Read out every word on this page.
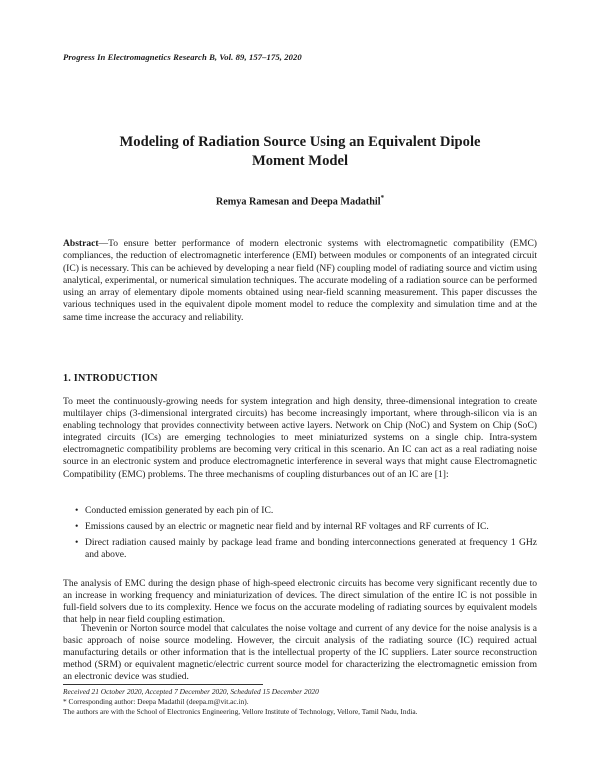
Progress In Electromagnetics Research B, Vol. 89, 157–175, 2020
Modeling of Radiation Source Using an Equivalent Dipole
Moment Model
Remya Ramesan and Deepa Madathil*
Abstract—To ensure better performance of modern electronic systems with electromagnetic compatibility (EMC) compliances, the reduction of electromagnetic interference (EMI) between modules or components of an integrated circuit (IC) is necessary. This can be achieved by developing a near field (NF) coupling model of radiating source and victim using analytical, experimental, or numerical simulation techniques. The accurate modeling of a radiation source can be performed using an array of elementary dipole moments obtained using near-field scanning measurement. This paper discusses the various techniques used in the equivalent dipole moment model to reduce the complexity and simulation time and at the same time increase the accuracy and reliability.
1. INTRODUCTION
To meet the continuously-growing needs for system integration and high density, three-dimensional integration to create multilayer chips (3-dimensional intergrated circuits) has become increasingly important, where through-silicon via is an enabling technology that provides connectivity between active layers. Network on Chip (NoC) and System on Chip (SoC) integrated circuits (ICs) are emerging technologies to meet miniaturized systems on a single chip. Intra-system electromagnetic compatibility problems are becoming very critical in this scenario. An IC can act as a real radiating noise source in an electronic system and produce electromagnetic interference in several ways that might cause Electromagnetic Compatibility (EMC) problems. The three mechanisms of coupling disturbances out of an IC are [1]:
• Conducted emission generated by each pin of IC.
• Emissions caused by an electric or magnetic near field and by internal RF voltages and RF currents of IC.
• Direct radiation caused mainly by package lead frame and bonding interconnections generated at frequency 1 GHz and above.
The analysis of EMC during the design phase of high-speed electronic circuits has become very significant recently due to an increase in working frequency and miniaturization of devices. The direct simulation of the entire IC is not possible in full-field solvers due to its complexity. Hence we focus on the accurate modeling of radiating sources by equivalent models that help in near field coupling estimation.
Thevenin or Norton source model that calculates the noise voltage and current of any device for the noise analysis is a basic approach of noise source modeling. However, the circuit analysis of the radiating source (IC) required actual manufacturing details or other information that is the intellectual property of the IC suppliers. Later source reconstruction method (SRM) or equivalent magnetic/electric current source model for characterizing the electromagnetic emission from an electronic device was studied.
Received 21 October 2020, Accepted 7 December 2020, Scheduled 15 December 2020
* Corresponding author: Deepa Madathil (deepa.m@vit.ac.in).
The authors are with the School of Electronics Engineering, Vellore Institute of Technology, Vellore, Tamil Nadu, India.
